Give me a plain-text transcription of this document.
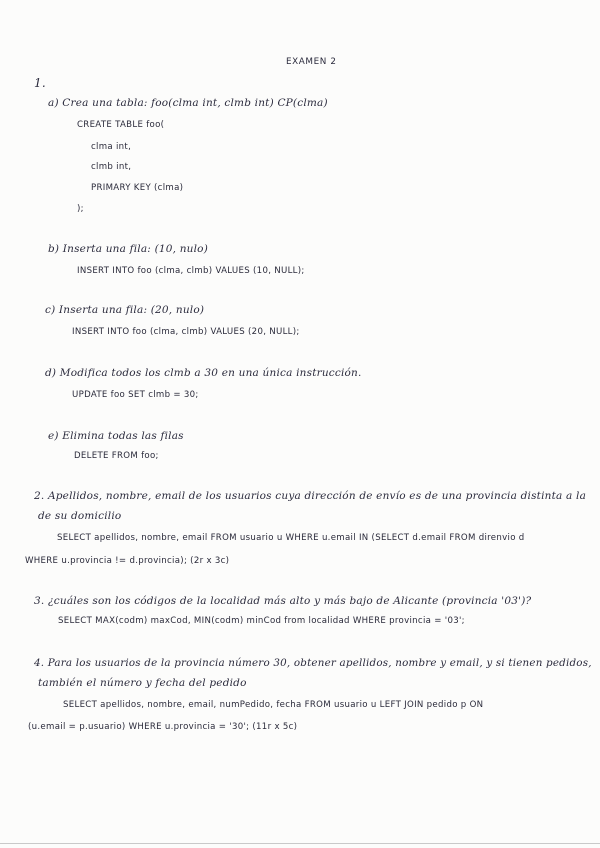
EXAMEN 2
1.
a) Crea una tabla: foo(clma int, clmb int) CP(clma)
CREATE TABLE foo(
clma int,
clmb int,
PRIMARY KEY (clma)
);
b) Inserta una fila: (10, nulo)
INSERT INTO foo (clma, clmb) VALUES (10, NULL);
c) Inserta una fila: (20, nulo)
INSERT INTO foo (clma, clmb) VALUES (20, NULL);
d) Modifica todos los clmb a 30 en una única instrucción.
UPDATE foo SET clmb = 30;
e) Elimina todas las filas
DELETE FROM foo;
2. Apellidos, nombre, email de los usuarios cuya dirección de envío es de una provincia distinta a la
de su domicilio
SELECT apellidos, nombre, email FROM usuario u WHERE u.email IN (SELECT d.email FROM direnvio d
WHERE u.provincia != d.provincia); (2r x 3c)
3. ¿cuáles son los códigos de la localidad más alto y más bajo de Alicante (provincia '03')?
SELECT MAX(codm) maxCod, MIN(codm) minCod from localidad WHERE provincia = '03';
4. Para los usuarios de la provincia número 30, obtener apellidos, nombre y email, y si tienen pedidos,
también el número y fecha del pedido
SELECT apellidos, nombre, email, numPedido, fecha FROM usuario u LEFT JOIN pedido p ON
(u.email = p.usuario) WHERE u.provincia = '30'; (11r x 5c)
